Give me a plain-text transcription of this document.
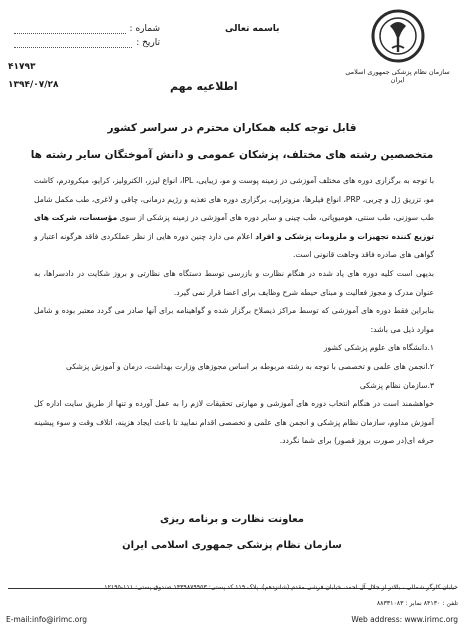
سازمان نظام پزشکی جمهوری اسلامی ایران
باسمه تعالی
شماره :
تاریخ :
۴۱۷۹۳
۱۳۹۴/۰۷/۲۸	اطلاعیه مهم
قابل توجه کلیه همکاران محترم در سراسر کشور
متخصصین رشته های مختلف، پزشکان عمومی و دانش آموختگان سایر رشته ها

با توجه به برگزاری دوره های مختلف آموزشی در زمینه پوست و مو، زیبایی، IPL، انواع لیزر، الکترولیز، کرایو، میکرودرم، کاشت مو، تزریق ژل و چربی، PRP، انواع فیلرها، مزوتراپی، برگزاری دوره های تغذیه و رژیم درمانی، چاقی و لاغری، طب مکمل شامل طب سوزنی، طب سنتی، هومیوپاتی، طب چینی و سایر دوره های آموزشی در زمینه پزشکی از سوی مؤسسات، شرکت های توزیع کننده تجهیزات و ملزومات پزشکی و افراد اعلام می دارد چنین دوره هایی از نظر عملکردی فاقد هرگونه اعتبار و گواهی های صادره فاقد وجاهت قانونی است.

بدیهی است کلیه دوره های یاد شده در هنگام نظارت و بازرسی توسط دستگاه های نظارتی و بروز شکایت در دادسراها، به عنوان مدرک و مجوز فعالیت و مبنای حیطه شرح وظایف برای اعضا قرار نمی گیرد.

بنابراین فقط دوره های آموزشی که توسط مراکز ذیصلاح برگزار شده و گواهینامه برای آنها صادر می گردد معتبر بوده و شامل موارد ذیل می باشد:

۱.دانشگاه های علوم پزشکی کشور

۲.انجمن های علمی و تخصصی با توجه به رشته مربوطه بر اساس مجوزهای وزارت بهداشت، درمان و آموزش پزشکی

۳.سازمان نظام پزشکی

خواهشمند است در هنگام انتخاب دوره های آموزشی و مهارتی تحقیقات لازم را به عمل آورده و تنها از طریق سایت اداره کل آموزش مداوم، سازمان نظام پزشکی و انجمن های علمی و تخصصی اقدام نمایید تا باعث ایجاد هزینه، اتلاف وقت و سوء پیشینه حرفه ای(در صورت بروز قصور) برای شما نگردد.

معاونت نظارت و برنامه ریزی
سازمان نظام پزشکی جمهوری اسلامی ایران
خیابان کارگر شمالی ، بالاتر از جلال آل احمد، خیابان فرشی مقدم (شانزدهم)، پلاک ۱۱۹ کد پستی: ۱۴۳۹۸۷۹۹۵۳ صندوق پستی: ۱۱۱-۱۲۱۹۵
تلفن : ۸۴۱۳۰ نمابر : ۸۸۳۳۱۰۸۳
E-mail:info@irimc.org	Web address: www.irimc.org
